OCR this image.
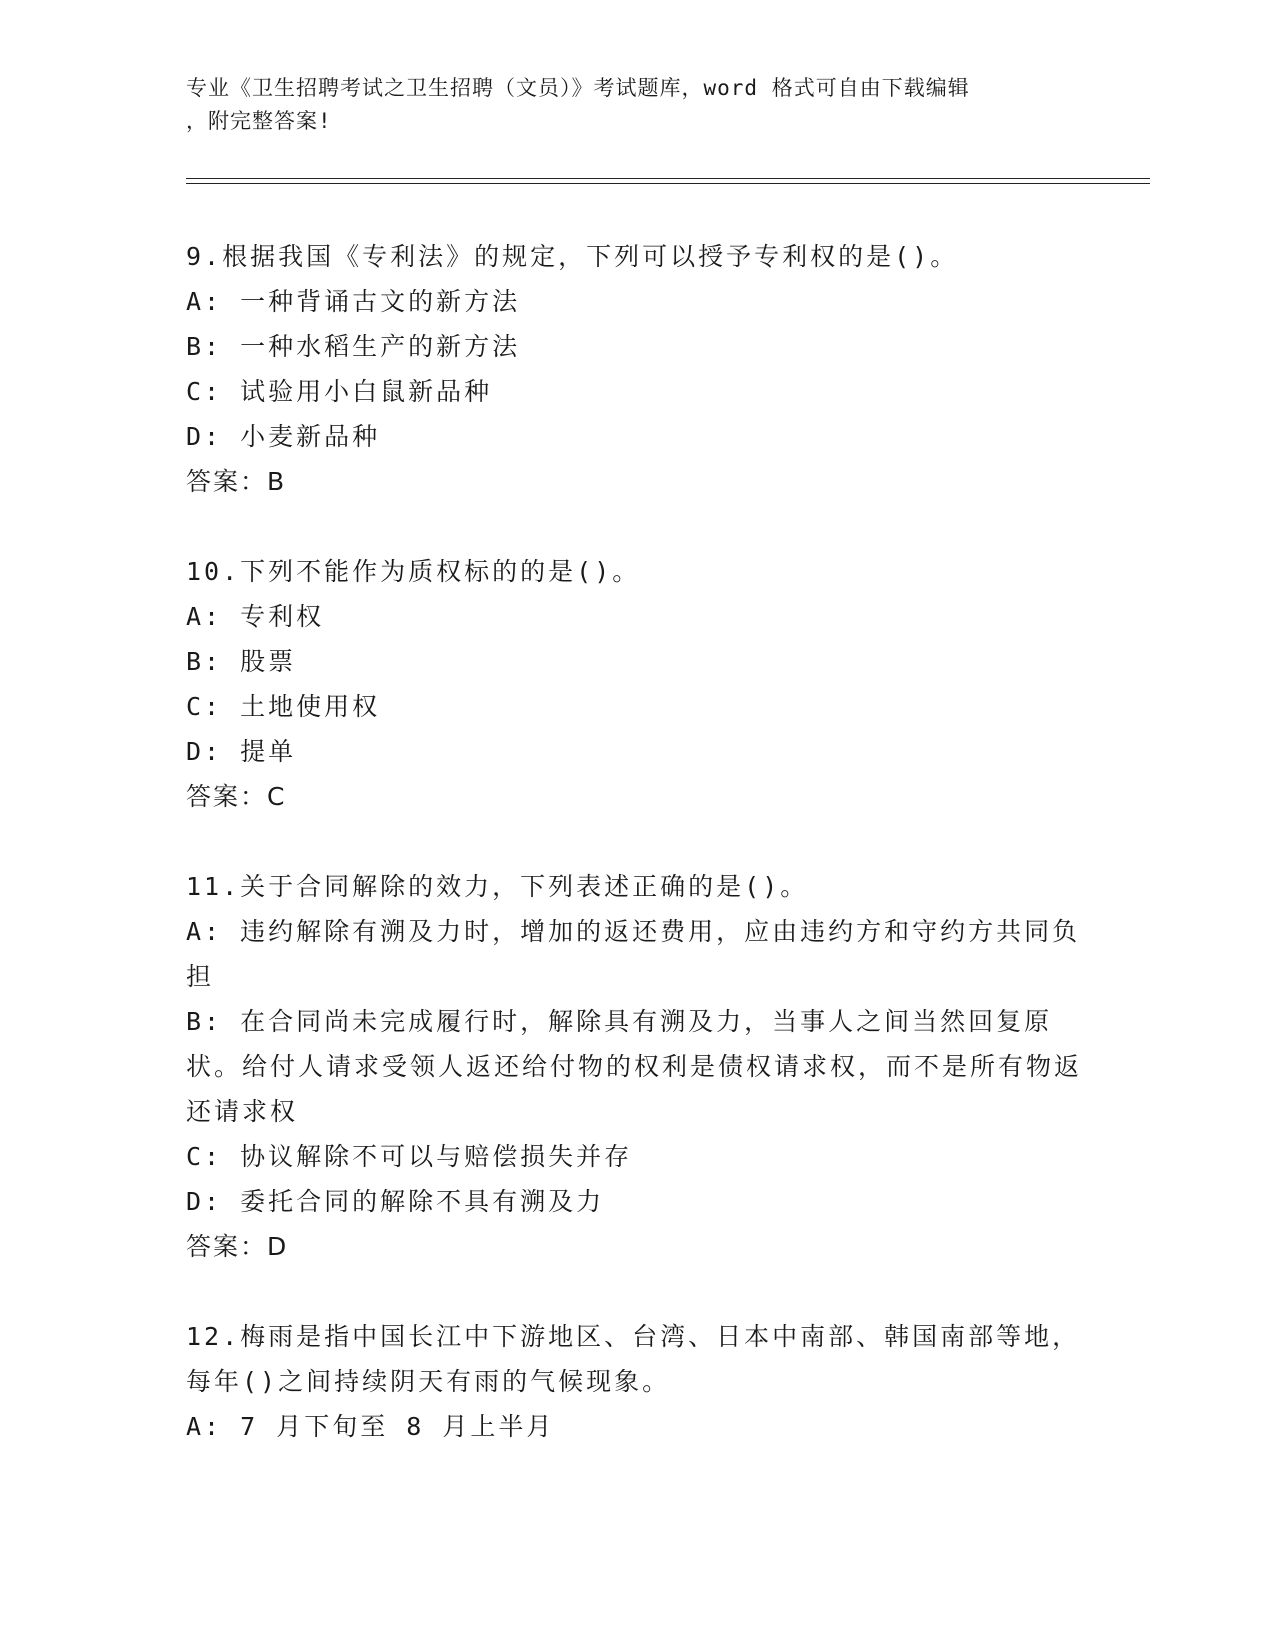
专业《卫生招聘考试之卫生招聘（文员）》考试题库，word 格式可自由下载编辑
，附完整答案!
9.根据我国《专利法》的规定，下列可以授予专利权的是()。
A: 一种背诵古文的新方法
B: 一种水稻生产的新方法
C: 试验用小白鼠新品种
D: 小麦新品种
答案：B
10.下列不能作为质权标的的是()。
A: 专利权
B: 股票
C: 土地使用权
D: 提单
答案：C
11.关于合同解除的效力，下列表述正确的是()。
A: 违约解除有溯及力时，增加的返还费用，应由违约方和守约方共同负担
B: 在合同尚未完成履行时，解除具有溯及力，当事人之间当然回复原状。给付人请求受领人返还给付物的权利是债权请求权，而不是所有物返还请求权
C: 协议解除不可以与赔偿损失并存
D: 委托合同的解除不具有溯及力
答案：D
12.梅雨是指中国长江中下游地区、台湾、日本中南部、韩国南部等地，每年()之间持续阴天有雨的气候现象。
A: 7 月下旬至 8 月上半月
